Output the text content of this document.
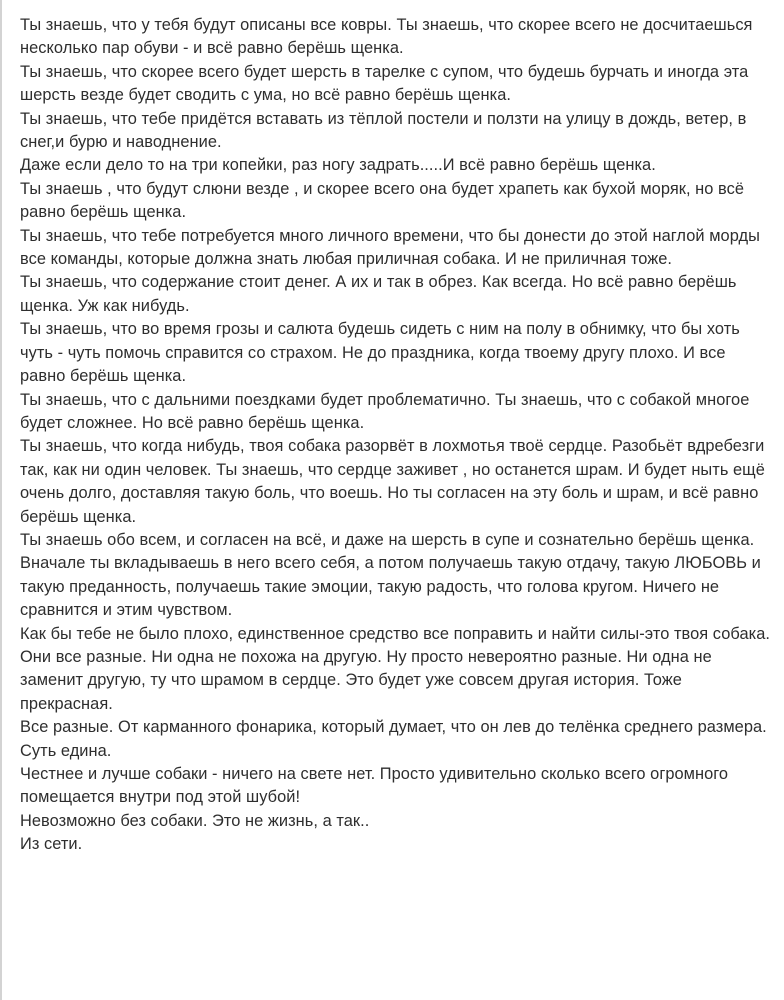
Ты знаешь, что у тебя будут описаны все ковры. Ты знаешь, что скорее всего не досчитаешься несколько пар обуви - и всё равно берёшь щенка.

Ты знаешь, что скорее всего будет шерсть в тарелке с супом, что будешь бурчать и иногда эта шерсть везде будет сводить с ума, но всё равно берёшь щенка.

Ты знаешь, что тебе придётся вставать из тёплой постели и ползти на улицу в дождь, ветер, в снег,и бурю и наводнение.

Даже если дело то на три копейки, раз ногу задрать.....И всё равно берёшь щенка.

Ты знаешь , что будут слюни везде , и скорее всего она будет храпеть как бухой моряк, но всё равно берёшь щенка.

Ты знаешь, что тебе потребуется много личного времени, что бы донести до этой наглой морды все команды, которые должна знать любая приличная собака. И не приличная тоже.

Ты знаешь, что содержание стоит денег. А их и так в обрез. Как всегда. Но всё равно берёшь щенка. Уж как нибудь.

Ты знаешь, что во время грозы и салюта будешь сидеть с ним на полу в обнимку, что бы хоть чуть - чуть помочь справится со страхом. Не до праздника, когда твоему другу плохо. И все равно берёшь щенка.

Ты знаешь, что с дальними поездками будет проблематично. Ты знаешь, что с собакой многое будет сложнее. Но всё равно берёшь щенка.

Ты знаешь, что когда нибудь, твоя собака разорвёт в лохмотья твоё сердце. Разобьёт вдребезги так, как ни один человек. Ты знаешь, что сердце заживет , но останется шрам. И будет ныть ещё очень долго, доставляя такую боль, что воешь. Но ты согласен на эту боль и шрам, и всё равно берёшь щенка.

Ты знаешь обо всем, и согласен на всё, и даже на шерсть в супе и сознательно берёшь щенка.

Вначале ты вкладываешь в него всего себя, а потом получаешь такую отдачу, такую ЛЮБОВЬ и такую преданность, получаешь такие эмоции, такую радость, что голова кругом. Ничего не сравнится и этим чувством.

Как бы тебе не было плохо, единственное средство все поправить и найти силы-это твоя собака.

Они все разные. Ни одна не похожа на другую. Ну просто невероятно разные. Ни одна не заменит другую, ту что шрамом в сердце. Это будет уже совсем другая история. Тоже прекрасная.

Все разные. От карманного фонарика, который думает, что он лев до телёнка среднего размера.

Суть едина.

Честнее и лучше собаки - ничего на свете нет. Просто удивительно сколько всего огромного помещается внутри под этой шубой!

Невозможно без собаки. Это не жизнь, а так..

Из сети.
